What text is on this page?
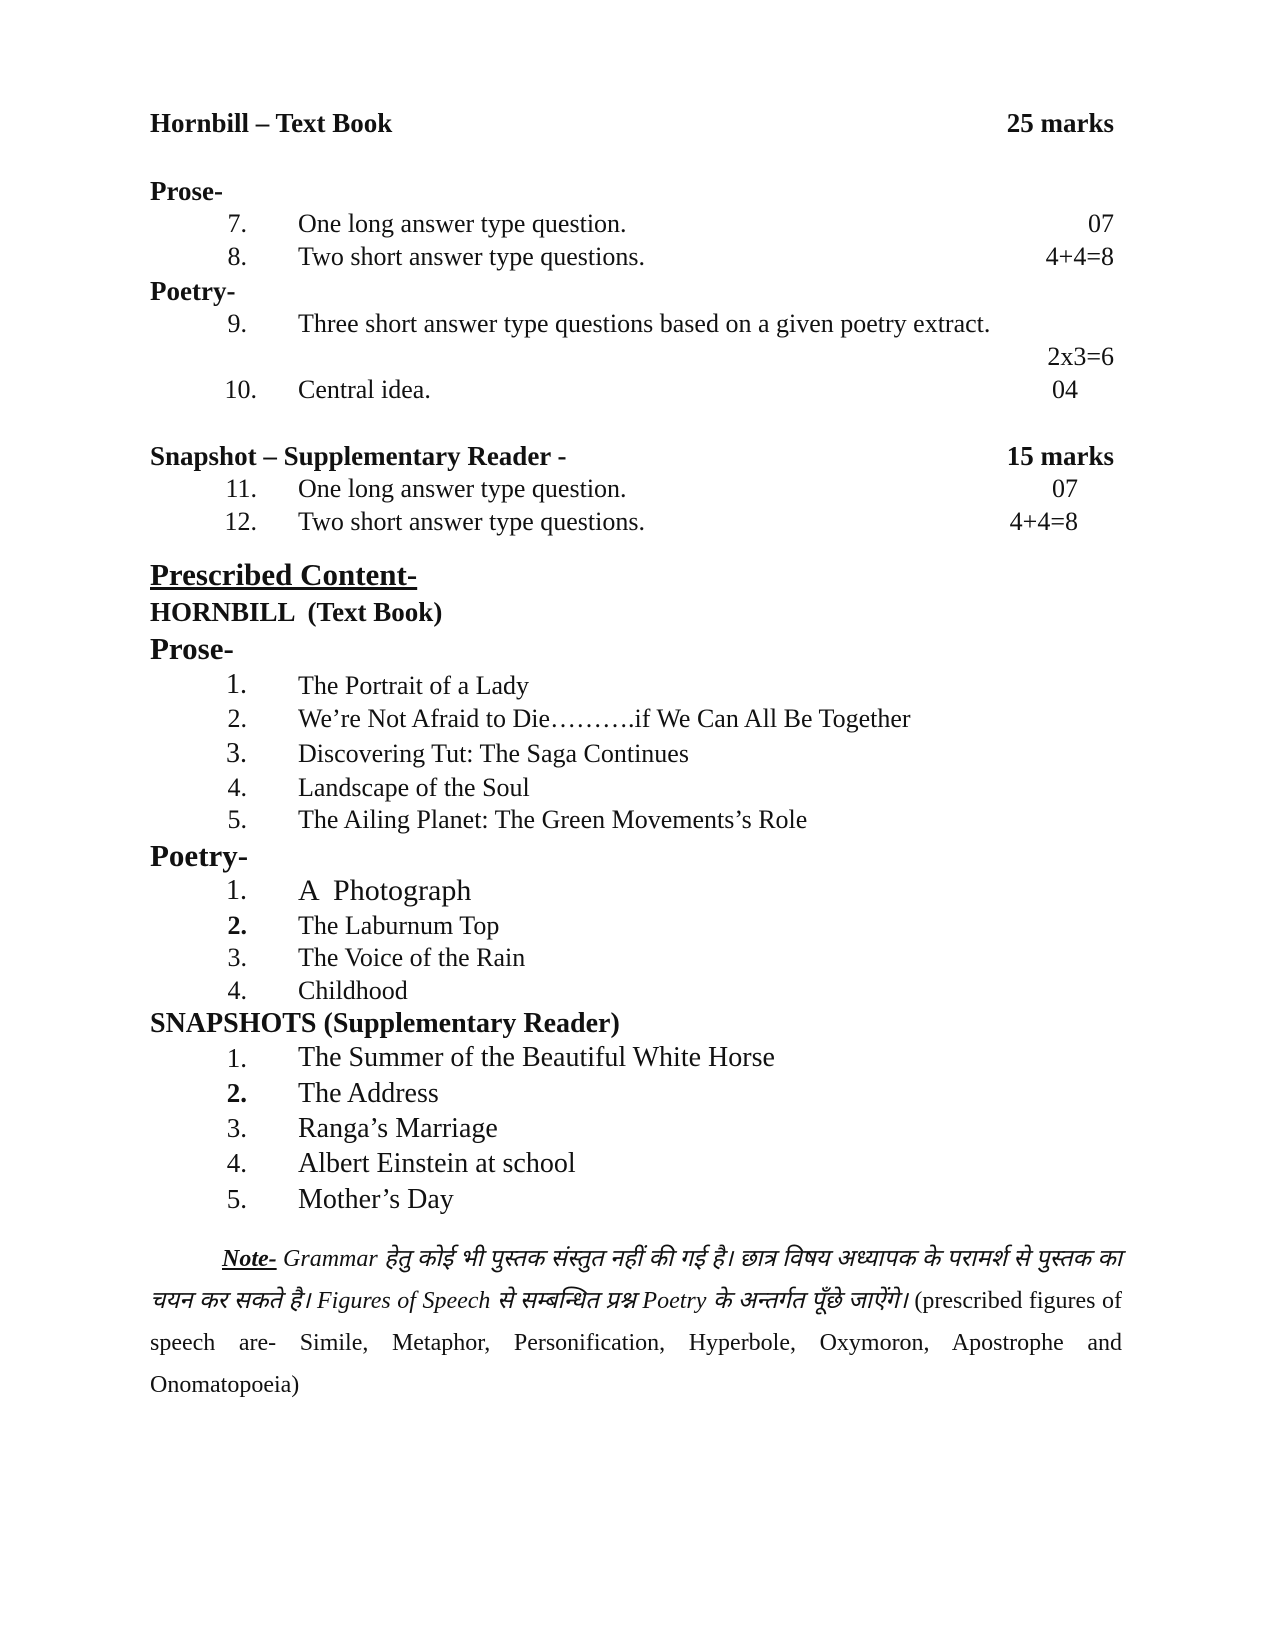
Hornbill – Text Book	25 marks
Prose-
7. One long answer type question.	07
8. Two short answer type questions.	4+4=8
Poetry-
9. Three short answer type questions based on a given poetry extract.
2x3=6
10. Central idea.	04
Snapshot – Supplementary Reader -	15 marks
11. One long answer type question.	07
12. Two short answer type questions.	4+4=8
Prescribed Content-
HORNBILL  (Text Book)
Prose-
1. The Portrait of a Lady
2. We’re Not Afraid to Die……….if We Can All Be Together
3. Discovering Tut: The Saga Continues
4. Landscape of the Soul
5. The Ailing Planet: The Green Movements’s Role
Poetry-
1. A  Photograph
2. The Laburnum Top
3. The Voice of the Rain
4. Childhood
SNAPSHOTS (Supplementary Reader)
1. The Summer of the Beautiful White Horse
2. The Address
3. Ranga’s Marriage
4. Albert Einstein at school
5. Mother’s Day
Note- Grammar हेतु कोई भी पुस्तक संस्तुत नहीं की गई है। छात्र विषय अध्यापक के परामर्श से पुस्तक का चयन कर सकते है। Figures of Speech से सम्बन्धित प्रश्न Poetry के अन्तर्गत पूँछे जाऐंगे। (prescribed figures of speech are- Simile, Metaphor, Personification, Hyperbole, Oxymoron, Apostrophe and Onomatopoeia)
